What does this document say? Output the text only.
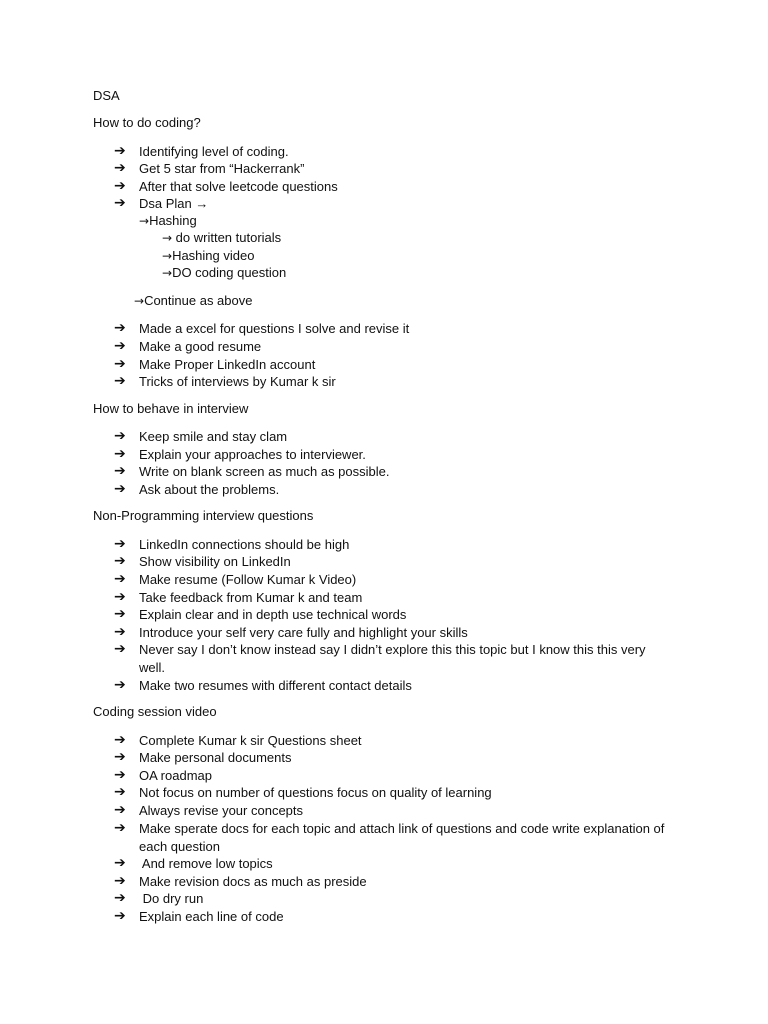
DSA
How to do coding?
➔	Identifying level of coding.
➔	Get 5 star from “Hackerrank”
➔	After that solve leetcode questions
➔	Dsa Plan →
→Hashing
→ do written tutorials
→Hashing video
→DO coding question
→Continue as above
➔	Made a excel for questions I solve and revise it
➔	Make a good resume
➔	Make Proper LinkedIn account
➔	Tricks of interviews by Kumar k sir
How to behave in interview
➔	Keep smile and stay clam
➔	Explain your approaches to interviewer.
➔	Write on blank screen as much as possible.
➔	Ask about the problems.
Non-Programming interview questions
➔	LinkedIn connections should be high
➔	Show visibility on LinkedIn
➔	Make resume (Follow Kumar k Video)
➔	Take feedback from Kumar k and team
➔	Explain clear and in depth use technical words
➔	Introduce your self very care fully and highlight your skills
➔	Never say I don’t know instead say I didn’t explore this this topic but I know this this very well.
➔	Make two resumes with different contact details
Coding session video
➔	Complete Kumar k sir Questions sheet
➔	Make personal documents
➔	OA roadmap
➔	Not focus on number of questions focus on quality of learning
➔	Always revise your concepts
➔	Make sperate docs for each topic and attach link of questions and code write explanation of each question
➔	And remove low topics
➔	Make revision docs as much as preside
➔	Do dry run
➔	Explain each line of code
